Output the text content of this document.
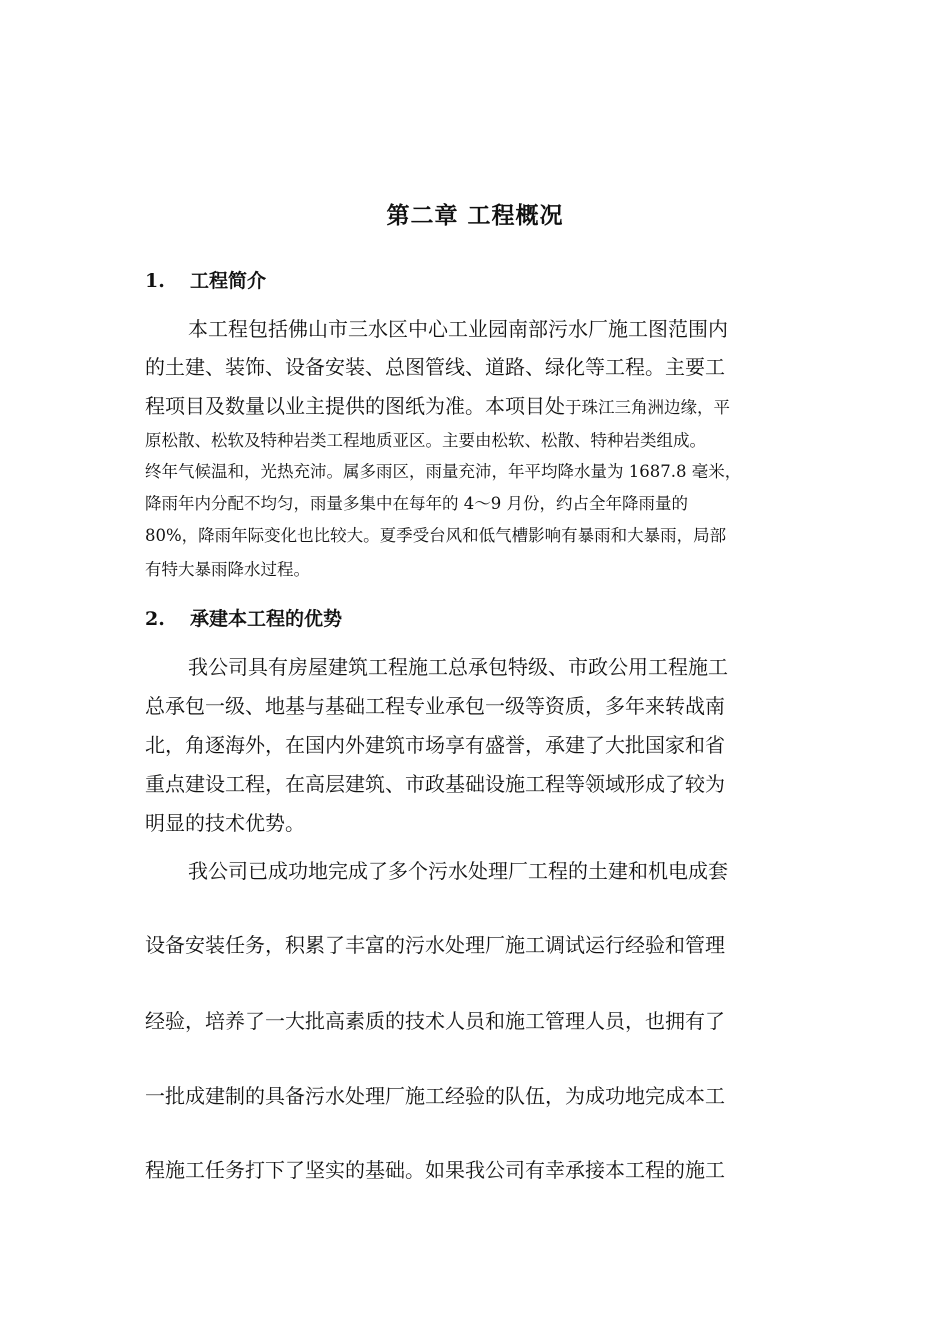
第二章 工程概况
1. 工程简介
本工程包括佛山市三水区中心工业园南部污水厂施工图范围内
的土建、装饰、设备安装、总图管线、道路、绿化等工程。主要工
程项目及数量以业主提供的图纸为准。本项目处于珠江三角洲边缘，平
原松散、松软及特种岩类工程地质亚区。主要由松软、松散、特种岩类组成。
终年气候温和，光热充沛。属多雨区，雨量充沛，年平均降水量为 1687.8 毫米，
降雨年内分配不均匀，雨量多集中在每年的 4～9 月份，约占全年降雨量的
80%，降雨年际变化也比较大。夏季受台风和低气槽影响有暴雨和大暴雨，局部
有特大暴雨降水过程。
2. 承建本工程的优势
我公司具有房屋建筑工程施工总承包特级、市政公用工程施工
总承包一级、地基与基础工程专业承包一级等资质，多年来转战南
北，角逐海外，在国内外建筑市场享有盛誉，承建了大批国家和省
重点建设工程，在高层建筑、市政基础设施工程等领域形成了较为
明显的技术优势。
我公司已成功地完成了多个污水处理厂工程的土建和机电成套
设备安装任务，积累了丰富的污水处理厂施工调试运行经验和管理
经验，培养了一大批高素质的技术人员和施工管理人员，也拥有了
一批成建制的具备污水处理厂施工经验的队伍，为成功地完成本工
程施工任务打下了坚实的基础。如果我公司有幸承接本工程的施工
